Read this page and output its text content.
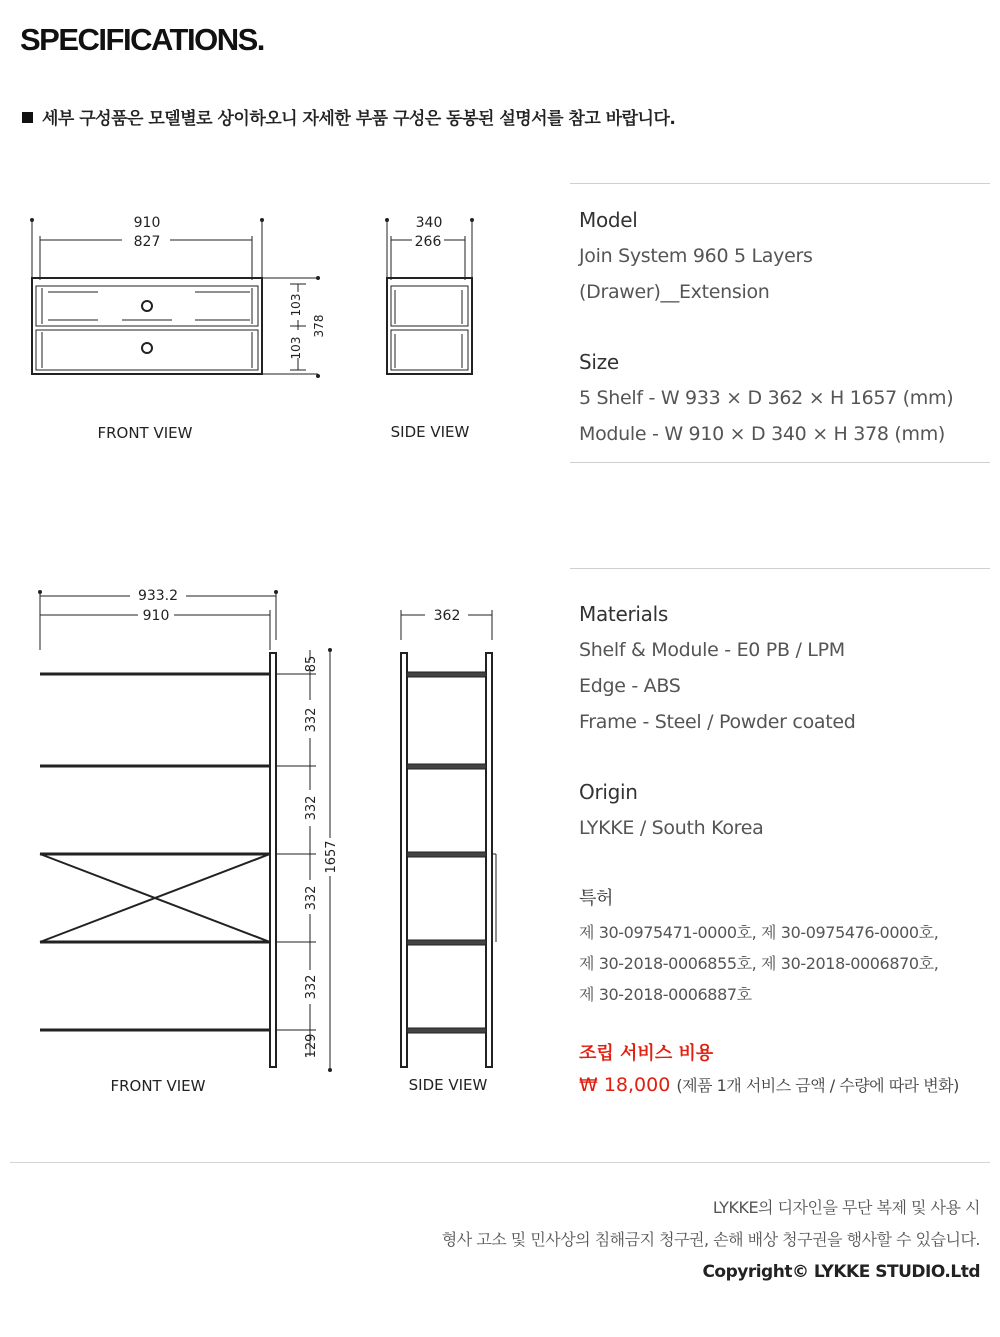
SPECIFICATIONS.
세부 구성품은 모델별로 상이하오니 자세한 부품 구성은 동봉된 설명서를 참고 바랍니다.
910
827
103
103
378
340
266
FRONT VIEW	SIDE VIEW
933.2
910	362
85
332
332
332
332
129
1657
FRONT VIEW	SIDE VIEW
Model
Join System 960 5 Layers
(Drawer)__Extension
Size
5 Shelf - W 933 × D 362 × H 1657 (mm)
Module - W 910 × D 340 × H 378 (mm)
Materials
Shelf & Module - E0 PB / LPM
Edge - ABS
Frame - Steel / Powder coated
Origin
LYKKE / South Korea
특허
제 30-0975471-0000호, 제 30-0975476-0000호,
제 30-2018-0006855호, 제 30-2018-0006870호,
제 30-2018-0006887호
조립 서비스 비용
₩ 18,000 (제품 1개 서비스 금액 / 수량에 따라 변화)
LYKKE의 디자인을 무단 복제 및 사용 시
형사 고소 및 민사상의 침해금지 청구권, 손해 배상 청구권을 행사할 수 있습니다.
Copyright© LYKKE STUDIO.Ltd
